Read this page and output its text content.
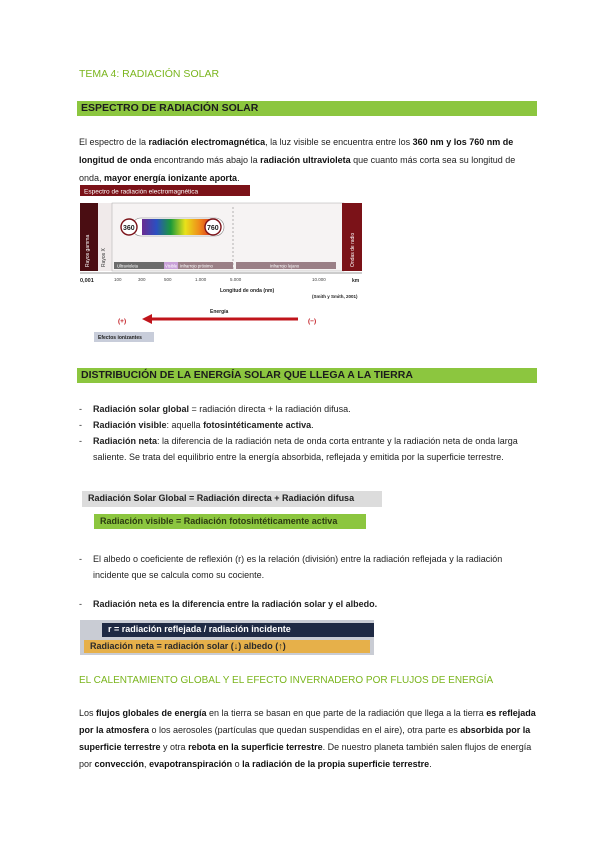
TEMA 4: RADIACIÓN SOLAR
ESPECTRO DE RADIACIÓN SOLAR
El espectro de la radiación electromagnética, la luz visible se encuentra entre los 360 nm y los 760 nm de longitud de onda encontrando más abajo la radiación ultravioleta que cuanto más corta sea su longitud de onda, mayor energía ionizante aporta.
Espectro de radiación electromagnética
Rayos gamma Rayos X	Ondas de radio
360	760
Ultravioleta	Visible Infrarrojo próximo	Infrarrojo lejano
0,001	100	300	500	1.000	5.000	10.000	km
Longitud de onda (nm)
(Smith y Smith, 2001)
Energía
(+)	(−)
Efectos ionizantes
DISTRIBUCIÓN DE LA ENERGÍA SOLAR QUE LLEGA A LA TIERRA
- Radiación solar global = radiación directa + la radiación difusa.
- Radiación visible: aquella fotosintéticamente activa.
- Radiación neta: la diferencia de la radiación neta de onda corta entrante y la radiación neta de onda larga saliente. Se trata del equilibrio entre la energía absorbida, reflejada y emitida por la superficie terrestre.
Radiación Solar Global = Radiación directa + Radiación difusa
Radiación visible = Radiación fotosintéticamente activa
- El albedo o coeficiente de reflexión (r) es la relación (división) entre la radiación reflejada y la radiación incidente que se calcula como su cociente.
- Radiación neta es la diferencia entre la radiación solar y el albedo.
r = radiación reflejada / radiación incidente
Radiación neta = radiación solar (↓) albedo (↑)
EL CALENTAMIENTO GLOBAL Y EL EFECTO INVERNADERO POR FLUJOS DE ENERGÍA
Los flujos globales de energía en la tierra se basan en que parte de la radiación que llega a la tierra es reflejada por la atmosfera o los aerosoles (partículas que quedan suspendidas en el aire), otra parte es absorbida por la superficie terrestre y otra rebota en la superficie terrestre. De nuestro planeta también salen flujos de energía por convección, evapotranspiración o la radiación de la propia superficie terrestre.
